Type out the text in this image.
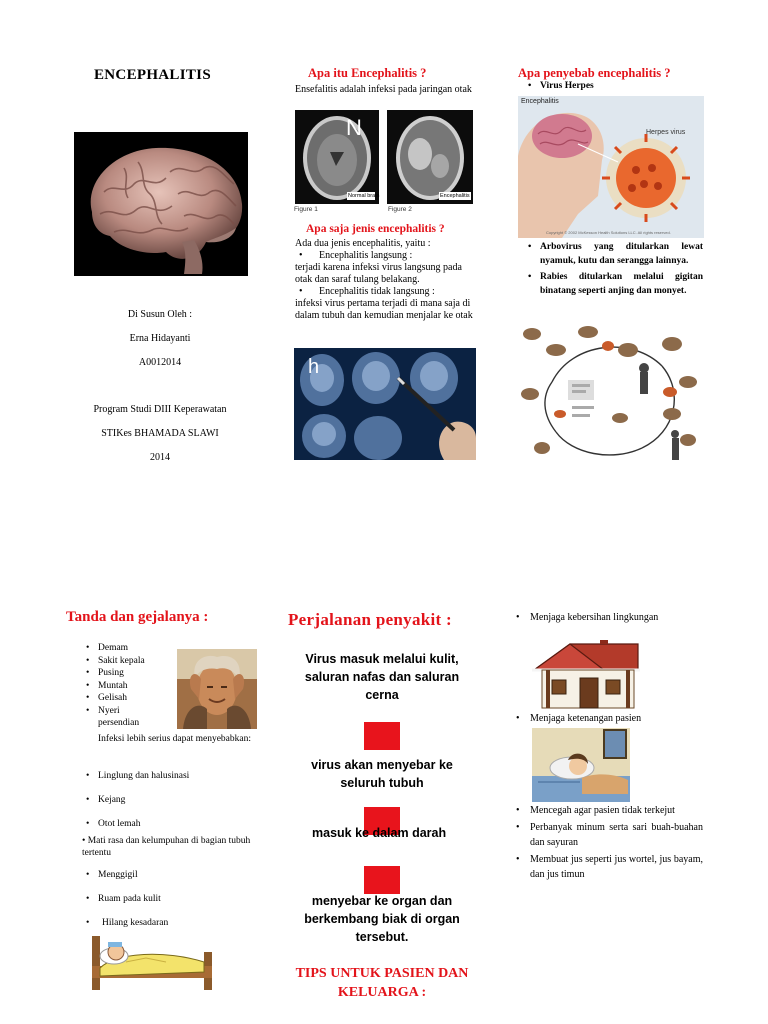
ENCEPHALITIS
Di Susun Oleh :
Erna Hidayanti
A0012014
Program Studi DIII Keperawatan
STIKes BHAMADA SLAWI
2014
Apa itu Encephalitis ?
Ensefalitis adalah infeksi pada jaringan otak
N
Normal brain	Encephalitis
Figure 1	Figure 2
Apa saja jenis encephalitis ?
Ada dua jenis encephalitis, yaitu :
• Encephalitis langsung :
terjadi karena infeksi virus langsung pada otak dan saraf tulang belakang.
• Encephalitis tidak langsung :
infeksi virus pertama terjadi di mana saja di dalam tubuh dan kemudian menjalar ke otak
h
Apa penyebab encephalitis ?
• Virus Herpes
Encephalitis
Herpes virus
Copyright © 2002 McKesson Health Solutions LLC. All rights reserved.
• Arbovirus yang ditularkan lewat nyamuk, kutu dan serangga lainnya.
• Rabies ditularkan melalui gigitan binatang seperti anjing dan monyet.
Tanda dan gejalanya :
• Demam
• Sakit kepala
• Pusing
• Muntah
• Gelisah
• Nyeri
persendian
Infeksi lebih serius dapat menyebabkan:
• Linglung dan halusinasi
• Kejang
• Otot lemah
• Mati rasa dan kelumpuhan di bagian tubuh tertentu
• Menggigil
• Ruam pada kulit
• Hilang kesadaran
Perjalanan penyakit :
Virus masuk melalui kulit, saluran nafas dan saluran cerna
virus akan menyebar ke seluruh tubuh
masuk ke dalam darah
menyebar ke organ dan berkembang biak di organ tersebut.
TIPS UNTUK PASIEN DAN KELUARGA :
• Menjaga kebersihan lingkungan
• Menjaga ketenangan pasien
• Mencegah agar pasien tidak terkejut
• Perbanyak minum serta sari buah-buahan dan sayuran
• Membuat jus seperti jus wortel, jus bayam, dan jus timun
